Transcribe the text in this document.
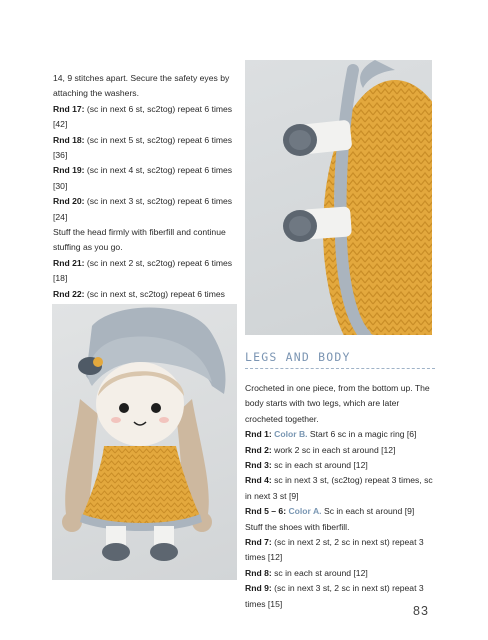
14, 9 stitches apart. Secure the safety eyes by attaching the washers.

Rnd 17: (sc in next 6 st, sc2tog) repeat 6 times [42]

Rnd 18: (sc in next 5 st, sc2tog) repeat 6 times [36]

Rnd 19: (sc in next 4 st, sc2tog) repeat 6 times [30]

Rnd 20: (sc in next 3 st, sc2tog) repeat 6 times [24]

Stuff the head firmly with fiberfill and continue stuffing as you go.

Rnd 21: (sc in next 2 st, sc2tog) repeat 6 times [18]

Rnd 22: (sc in next st, sc2tog) repeat 6 times

LEGS AND BODY

Crocheted in one piece, from the bottom up. The body starts with two legs, which are later crocheted together.

Rnd 1: Color B. Start 6 sc in a magic ring [6]

Rnd 2: work 2 sc in each st around [12]

Rnd 3: sc in each st around [12]

Rnd 4: sc in next 3 st, (sc2tog) repeat 3 times, sc in next 3 st [9]

Rnd 5 – 6: Color A. Sc in each st around [9]

Stuff the shoes with fiberfill.

Rnd 7: (sc in next 2 st, 2 sc in next st) repeat 3 times [12]

Rnd 8: sc in each st around [12]

Rnd 9: (sc in next 3 st, 2 sc in next st) repeat 3 times [15]

83
